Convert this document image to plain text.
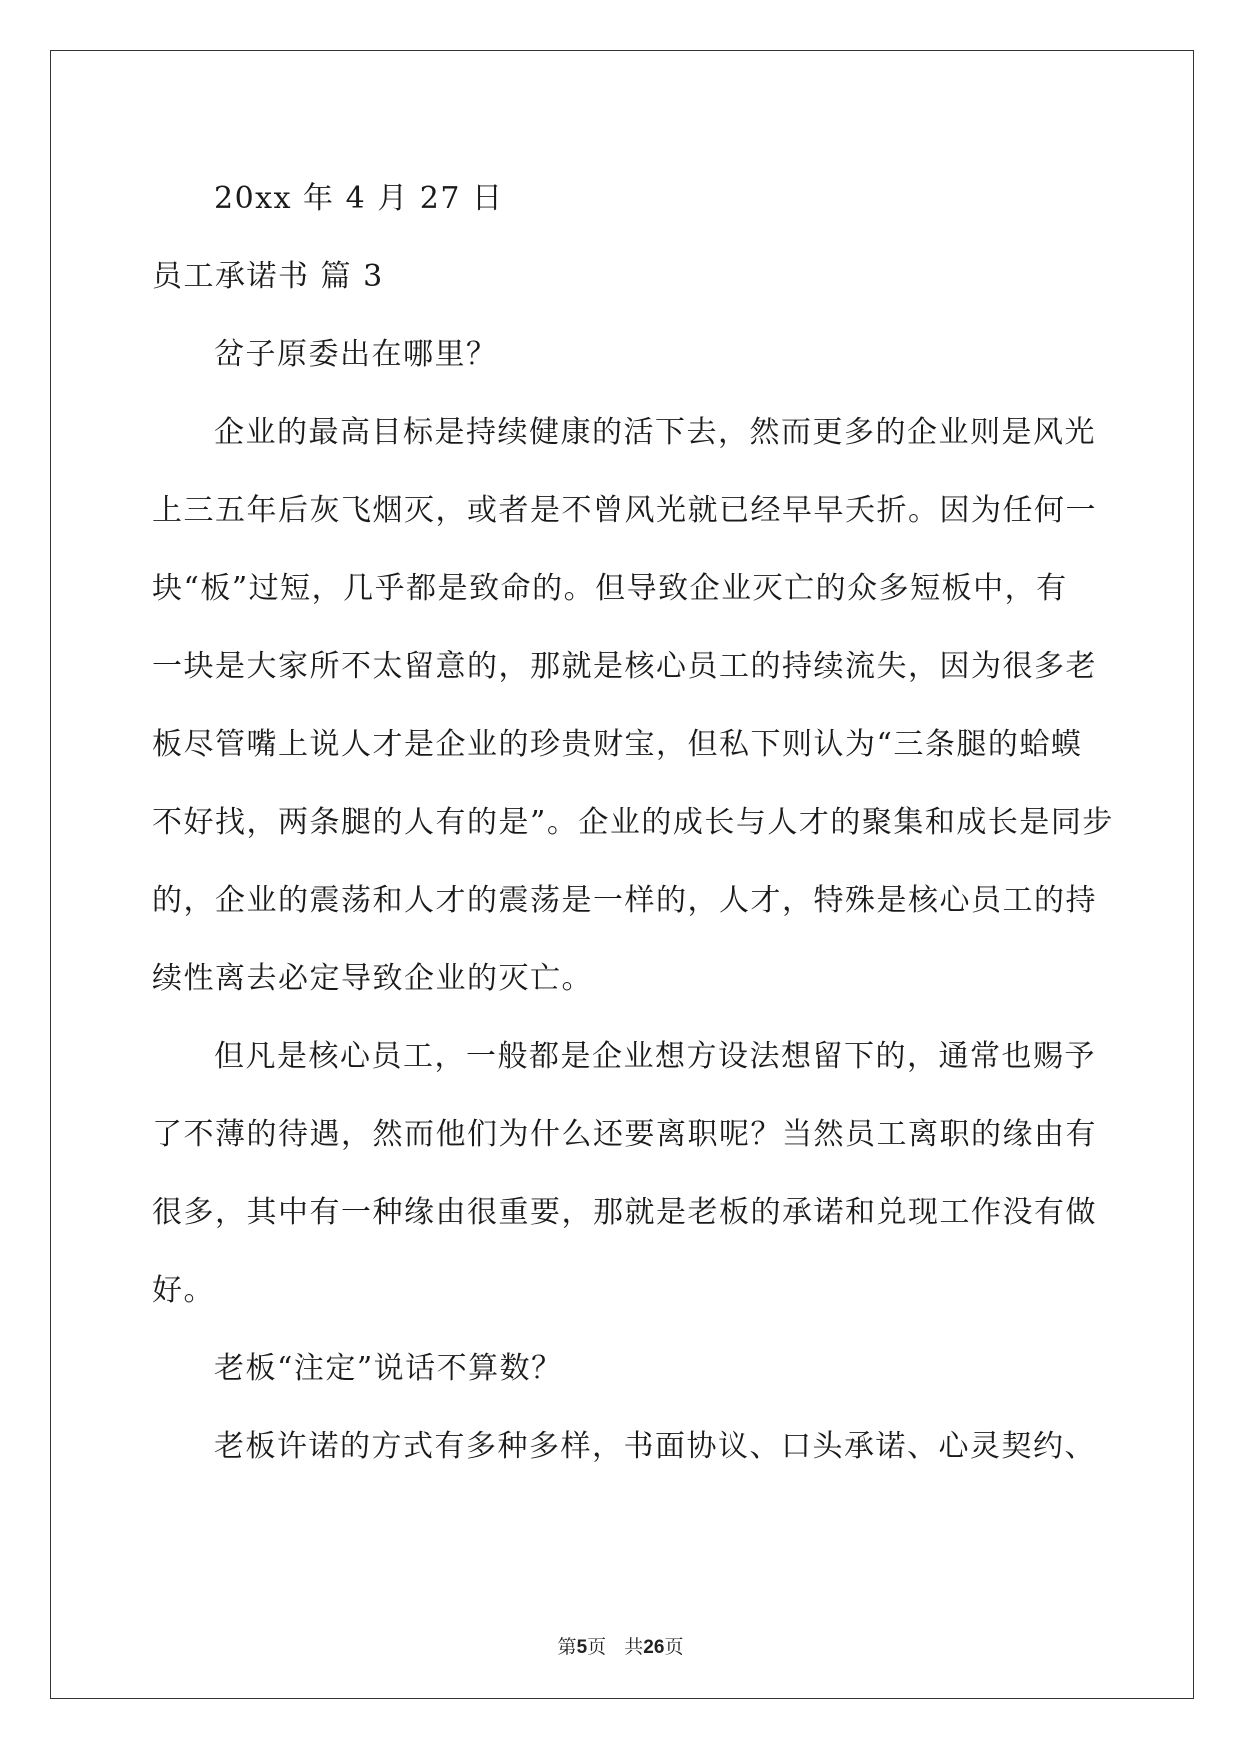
20xx 年 4 月 27 日
员工承诺书 篇 3
岔子原委出在哪里？
企业的最高目标是持续健康的活下去，然而更多的企业则是风光
上三五年后灰飞烟灭，或者是不曾风光就已经早早夭折。因为任何一
块“板”过短，几乎都是致命的。但导致企业灭亡的众多短板中，有
一块是大家所不太留意的，那就是核心员工的持续流失，因为很多老
板尽管嘴上说人才是企业的珍贵财宝，但私下则认为“三条腿的蛤蟆
不好找，两条腿的人有的是”。企业的成长与人才的聚集和成长是同步
的，企业的震荡和人才的震荡是一样的，人才，特殊是核心员工的持
续性离去必定导致企业的灭亡。
但凡是核心员工，一般都是企业想方设法想留下的，通常也赐予
了不薄的待遇，然而他们为什么还要离职呢？当然员工离职的缘由有
很多，其中有一种缘由很重要，那就是老板的承诺和兑现工作没有做
好。
老板“注定”说话不算数？
老板许诺的方式有多种多样，书面协议、口头承诺、心灵契约、
第5页 共26页
